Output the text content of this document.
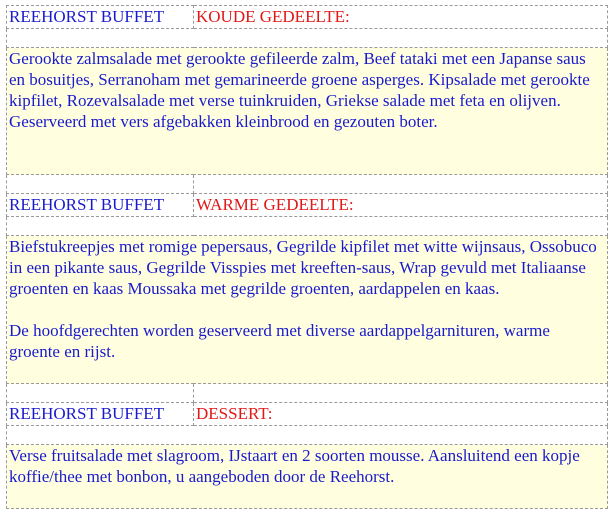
REEHORST BUFFET	KOUDE GEDEELTE:

Gerookte zalmsalade met gerookte gefileerde zalm, Beef tataki met een Japanse saus en bosuitjes, Serranoham met gemarineerde groene asperges. Kipsalade met gerookte kipfilet, Rozevalsalade met verse tuinkruiden, Griekse salade met feta en olijven. Geserveerd met vers afgebakken kleinbrood en gezouten boter.	

REEHORST BUFFET	WARME GEDEELTE:

Biefstukreepjes met romige pepersaus, Gegrilde kipfilet met witte wijnsaus, Ossobuco in een pikante saus, Gegrilde Visspies met kreeften-saus, Wrap gevuld met Italiaanse groenten en kaas Moussaka met gegrilde groenten, aardappelen en kaas.

De hoofdgerechten worden geserveerd met diverse aardappelgarnituren, warme groente en rijst.	

REEHORST BUFFET	DESSERT:

Verse fruitsalade met slagroom, IJstaart en 2 soorten mousse. Aansluitend een kopje koffie/thee met bonbon, u aangeboden door de Reehorst.	
